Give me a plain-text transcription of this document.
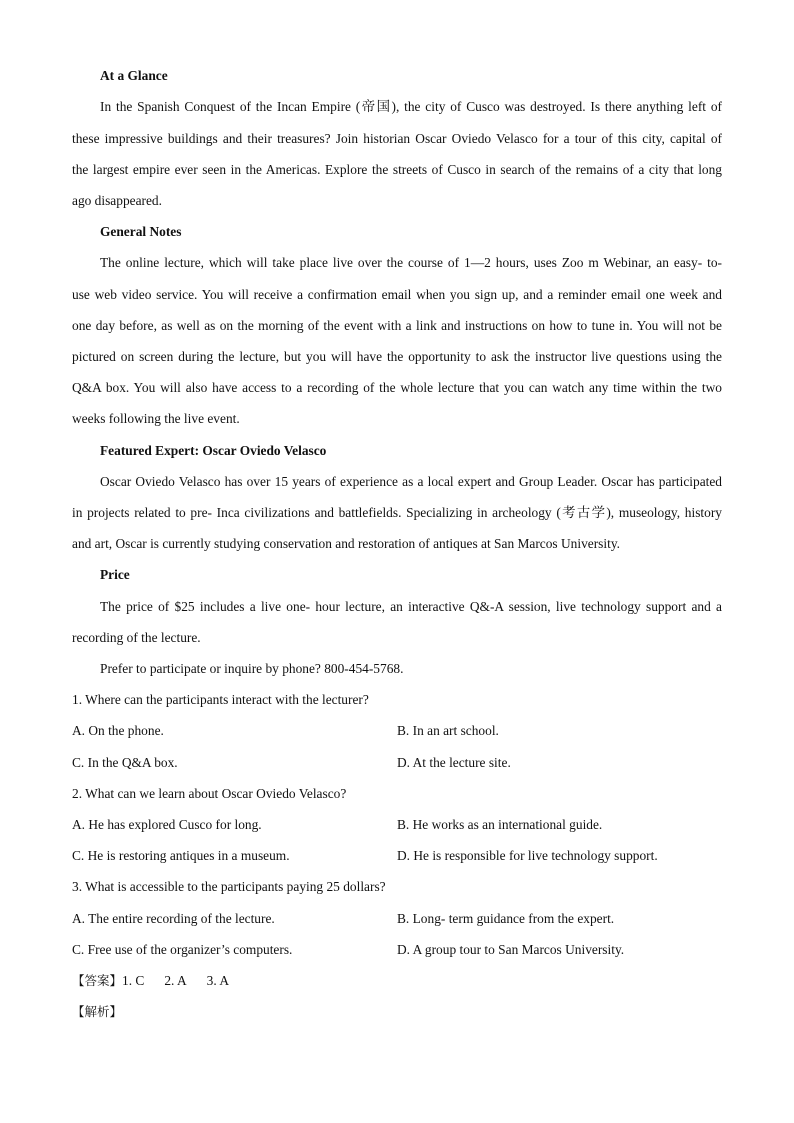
At a Glance
In the Spanish Conquest of the Incan Empire (帝国), the city of Cusco was destroyed. Is there anything left of
these impressive buildings and their treasures? Join historian Oscar Oviedo Velasco for a tour of this city, capital of
the largest empire ever seen in the Americas. Explore the streets of Cusco in search of the remains of a city that long
ago disappeared.
General Notes
The online lecture, which will take place live over the course of 1—2 hours, uses Zoo m Webinar, an easy- to-
use web video service. You will receive a confirmation email when you sign up, and a reminder email one week and
one day before, as well as on the morning of the event with a link and instructions on how to tune in. You will not be
pictured on screen during the lecture, but you will have the opportunity to ask the instructor live questions using the
Q&A box. You will also have access to a recording of the whole lecture that you can watch any time within the two
weeks following the live event.
Featured Expert: Oscar Oviedo Velasco
Oscar Oviedo Velasco has over 15 years of experience as a local expert and Group Leader. Oscar has participated
in projects related to pre- Inca civilizations and battlefields. Specializing in archeology (考古学), museology, history
and art, Oscar is currently studying conservation and restoration of antiques at San Marcos University.
Price
The price of $25 includes a live one- hour lecture, an interactive Q&-A session, live technology support and a
recording of the lecture.
Prefer to participate or inquire by phone? 800-454-5768.
1. Where can the participants interact with the lecturer?
A. On the phone.	B. In an art school.
C. In the Q&A box.	D. At the lecture site.
2. What can we learn about Oscar Oviedo Velasco?
A. He has explored Cusco for long.	B. He works as an international guide.
C. He is restoring antiques in a museum.	D. He is responsible for live technology support.
3. What is accessible to the participants paying 25 dollars?
A. The entire recording of the lecture.	B. Long- term guidance from the expert.
C. Free use of the organizer’s computers.	D. A group tour to San Marcos University.
【答案】1. C 2. A 3. A
【解析】
